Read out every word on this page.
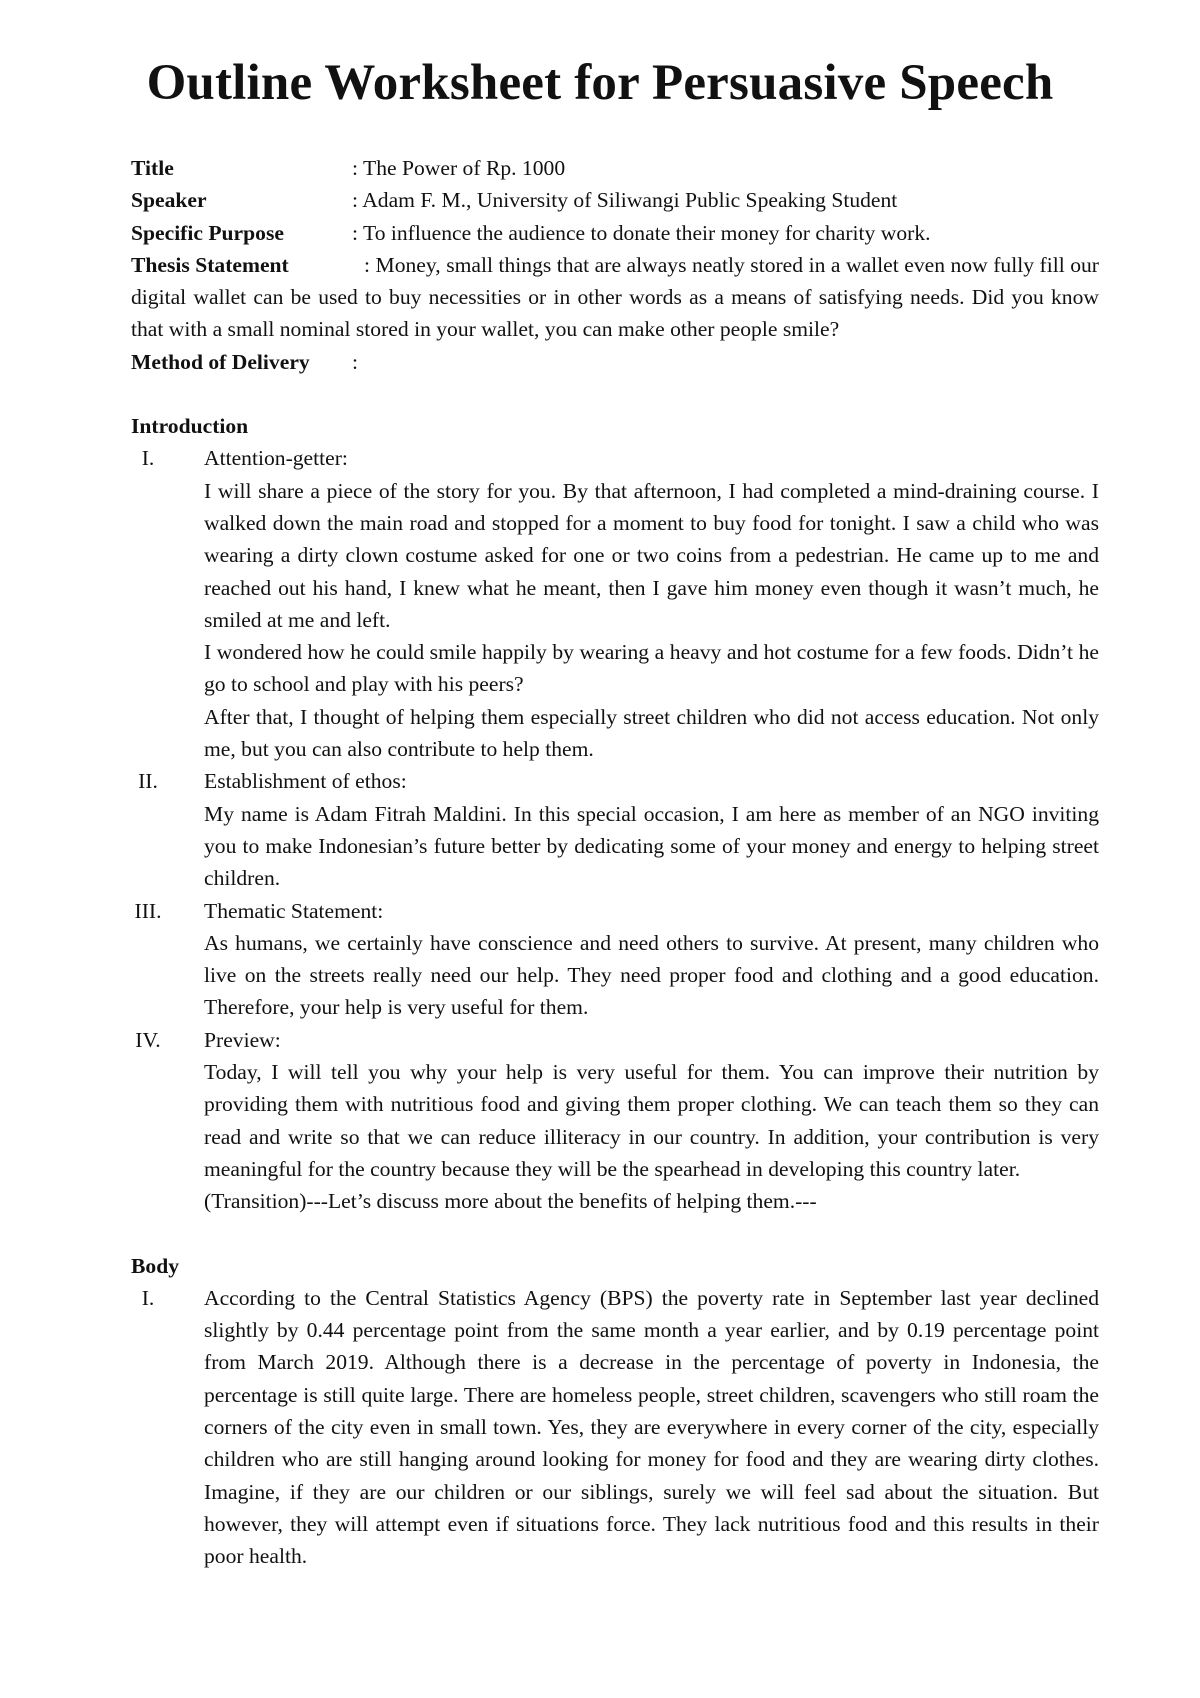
Outline Worksheet for Persuasive Speech

Title	: The Power of Rp. 1000

Speaker	: Adam F. M., University of Siliwangi Public Speaking Student

Specific Purpose	: To influence the audience to donate their money for charity work.

Thesis Statement	: Money, small things that are always neatly stored in a wallet even now fully fill our digital wallet can be used to buy necessities or in other words as a means of satisfying needs. Did you know that with a small nominal stored in your wallet, you can make other people smile?

Method of Delivery :

Introduction
I.	Attention-getter:

I will share a piece of the story for you. By that afternoon, I had completed a mind-draining course. I walked down the main road and stopped for a moment to buy food for tonight. I saw a child who was wearing a dirty clown costume asked for one or two coins from a pedestrian. He came up to me and reached out his hand, I knew what he meant, then I gave him money even though it wasn’t much, he smiled at me and left.

I wondered how he could smile happily by wearing a heavy and hot costume for a few foods. Didn’t he go to school and play with his peers?

After that, I thought of helping them especially street children who did not access education. Not only me, but you can also contribute to help them.

II.	Establishment of ethos:

My name is Adam Fitrah Maldini. In this special occasion, I am here as member of an NGO inviting you to make Indonesian’s future better by dedicating some of your money and energy to helping street children.

III. Thematic Statement:

As humans, we certainly have conscience and need others to survive. At present, many children who live on the streets really need our help. They need proper food and clothing and a good education. Therefore, your help is very useful for them.

IV. Preview:

Today, I will tell you why your help is very useful for them. You can improve their nutrition by providing them with nutritious food and giving them proper clothing. We can teach them so they can read and write so that we can reduce illiteracy in our country. In addition, your contribution is very meaningful for the country because they will be the spearhead in developing this country later.

(Transition)---Let’s discuss more about the benefits of helping them.---

Body
I.	According to the Central Statistics Agency (BPS) the poverty rate in September last year declined slightly by 0.44 percentage point from the same month a year earlier, and by 0.19 percentage point from March 2019. Although there is a decrease in the percentage of poverty in Indonesia, the percentage is still quite large. There are homeless people, street children, scavengers who still roam the corners of the city even in small town. Yes, they are everywhere in every corner of the city, especially children who are still hanging around looking for money for food and they are wearing dirty clothes. Imagine, if they are our children or our siblings, surely we will feel sad about the situation. But however, they will attempt even if situations force. They lack nutritious food and this results in their poor health.
